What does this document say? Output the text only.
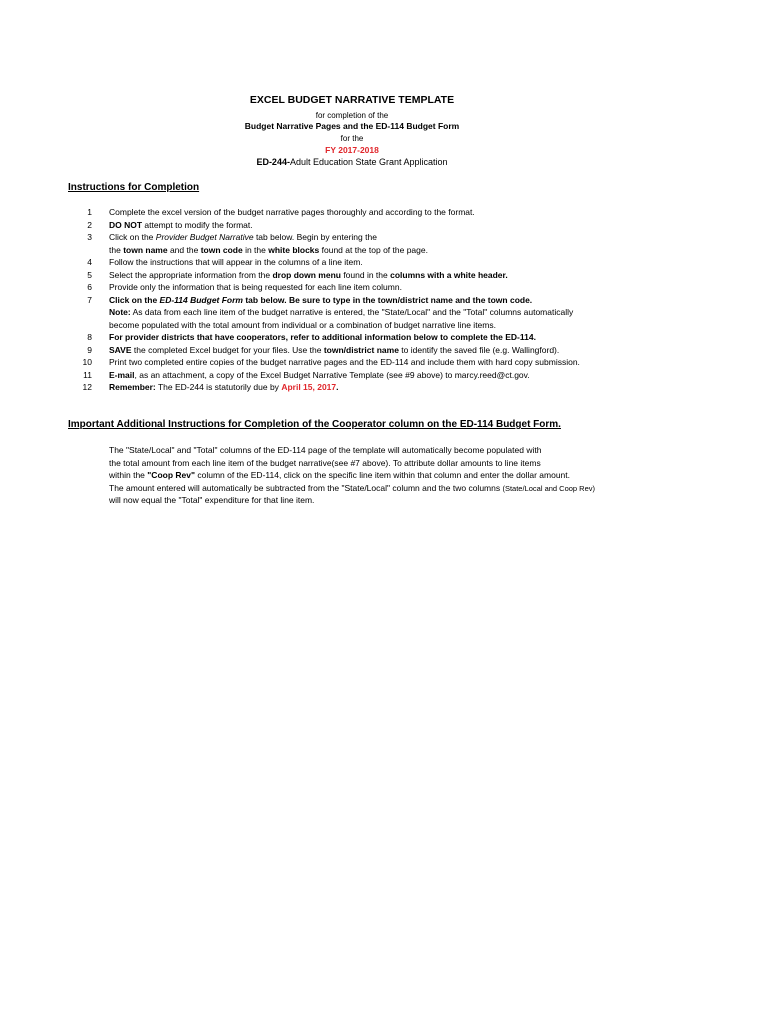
EXCEL BUDGET NARRATIVE TEMPLATE
for completion of the
Budget Narrative Pages and the ED-114 Budget Form
for the
FY 2017-2018
ED-244-Adult Education State Grant Application
Instructions for Completion
1 Complete the excel version of the budget narrative pages thoroughly and according to the format.
2 DO NOT attempt to modify the format.
3 Click on the Provider Budget Narrative tab below. Begin by entering the
the town name and the town code in the white blocks found at the top of the page.
4 Follow the instructions that will appear in the columns of a line item.
5 Select the appropriate information from the drop down menu found in the columns with a white header.
6 Provide only the information that is being requested for each line item column.
7 Click on the ED-114 Budget Form tab below. Be sure to type in the town/district name and the town code.
Note: As data from each line item of the budget narrative is entered, the "State/Local" and the "Total" columns automatically
become populated with the total amount from individual or a combination of budget narrative line items.
8 For provider districts that have cooperators, refer to additional information below to complete the ED-114.
9 SAVE the completed Excel budget for your files. Use the town/district name to identify the saved file (e.g. Wallingford).
10 Print two completed entire copies of the budget narrative pages and the ED-114 and include them with hard copy submission.
11 E-mail, as an attachment, a copy of the Excel Budget Narrative Template (see #9 above) to marcy.reed@ct.gov.
12 Remember: The ED-244 is statutorily due by April 15, 2017.
Important Additional Instructions for Completion of the Cooperator column on the ED-114 Budget Form.
The "State/Local" and "Total" columns of the ED-114 page of the template will automatically become populated with
the total amount from each line item of the budget narrative(see #7 above). To attribute dollar amounts to line items
within the "Coop Rev" column of the ED-114, click on the specific line item within that column and enter the dollar amount.
The amount entered will automatically be subtracted from the "State/Local" column and the two columns (State/Local and Coop Rev)
will now equal the "Total" expenditure for that line item.
